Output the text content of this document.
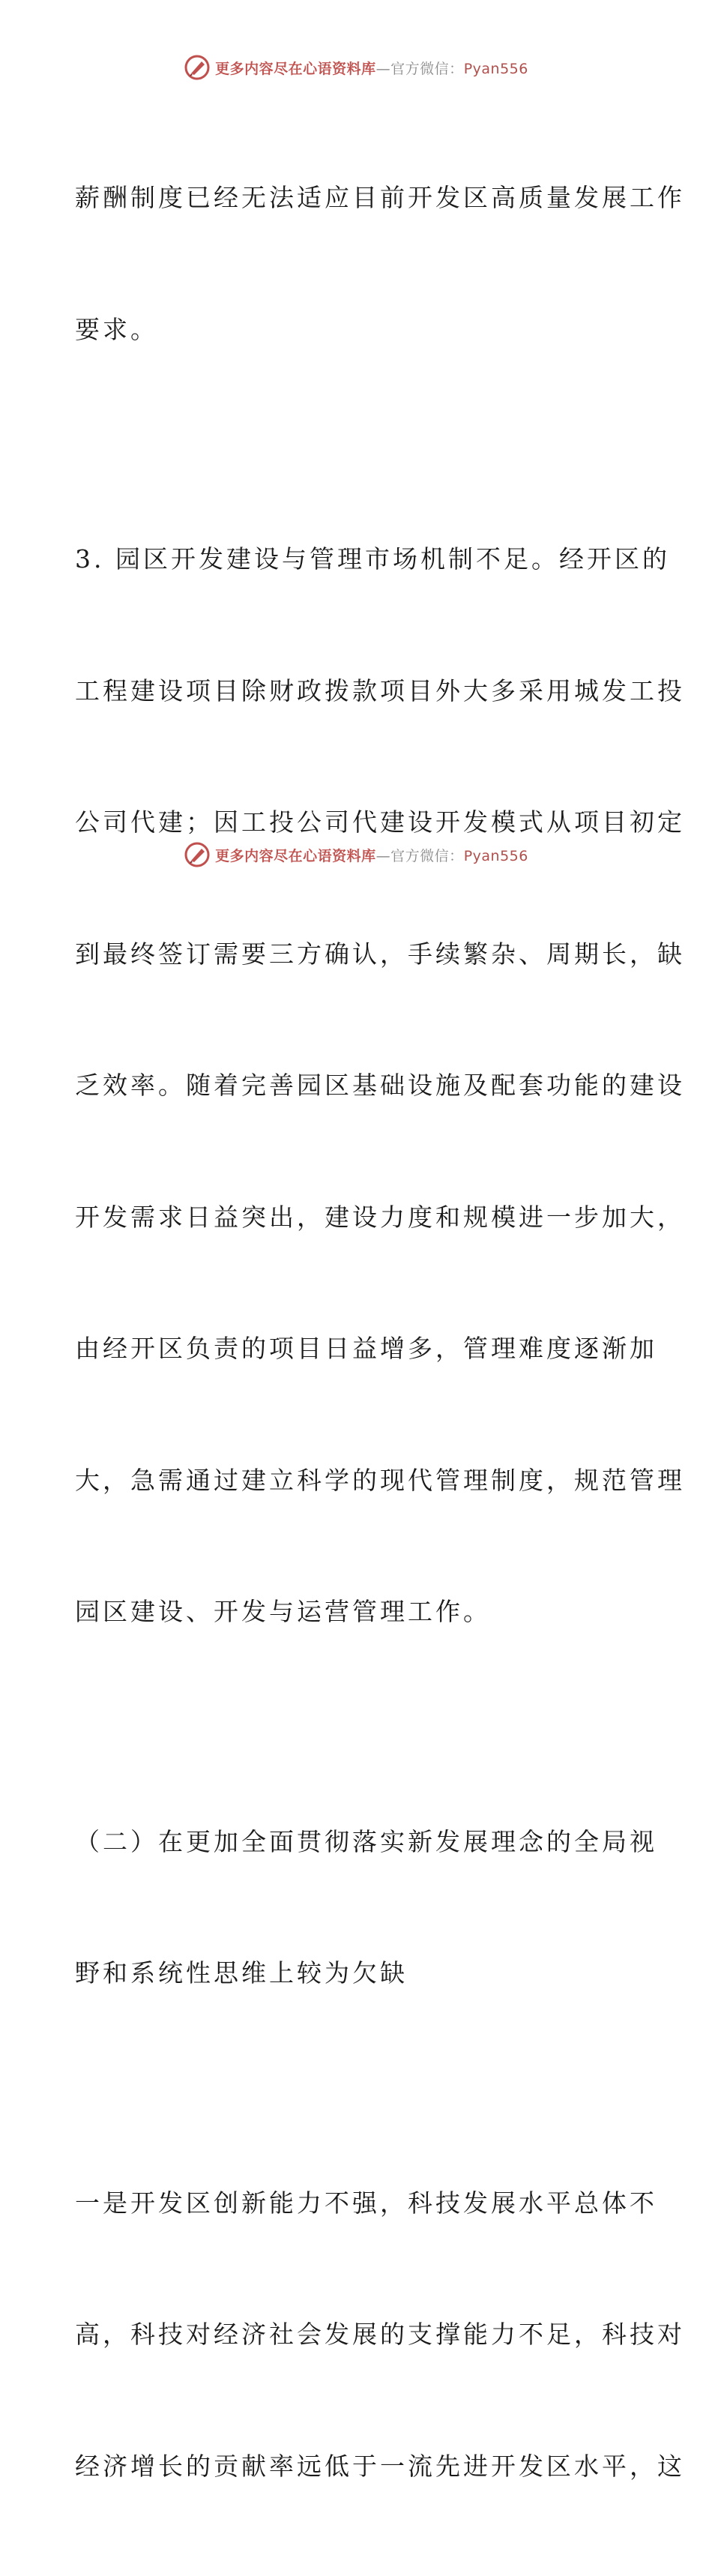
更多内容尽在心语资料库—官方微信：Pyan556

薪酬制度已经无法适应目前开发区高质量发展工作

要求。

3. 园区开发建设与管理市场机制不足。经开区的

工程建设项目除财政拨款项目外大多采用城发工投

公司代建；因工投公司代建设开发模式从项目初定

到最终签订需要三方确认，手续繁杂、周期长，缺

乏效率。随着完善园区基础设施及配套功能的建设

开发需求日益突出，建设力度和规模进一步加大，

由经开区负责的项目日益增多，管理难度逐渐加

大，急需通过建立科学的现代管理制度，规范管理

园区建设、开发与运营管理工作。

（二）在更加全面贯彻落实新发展理念的全局视

野和系统性思维上较为欠缺

一是开发区创新能力不强，科技发展水平总体不

高，科技对经济社会发展的支撑能力不足，科技对

经济增长的贡献率远低于一流先进开发区水平，这

更多内容尽在心语资料库—官方微信：Pyan556
